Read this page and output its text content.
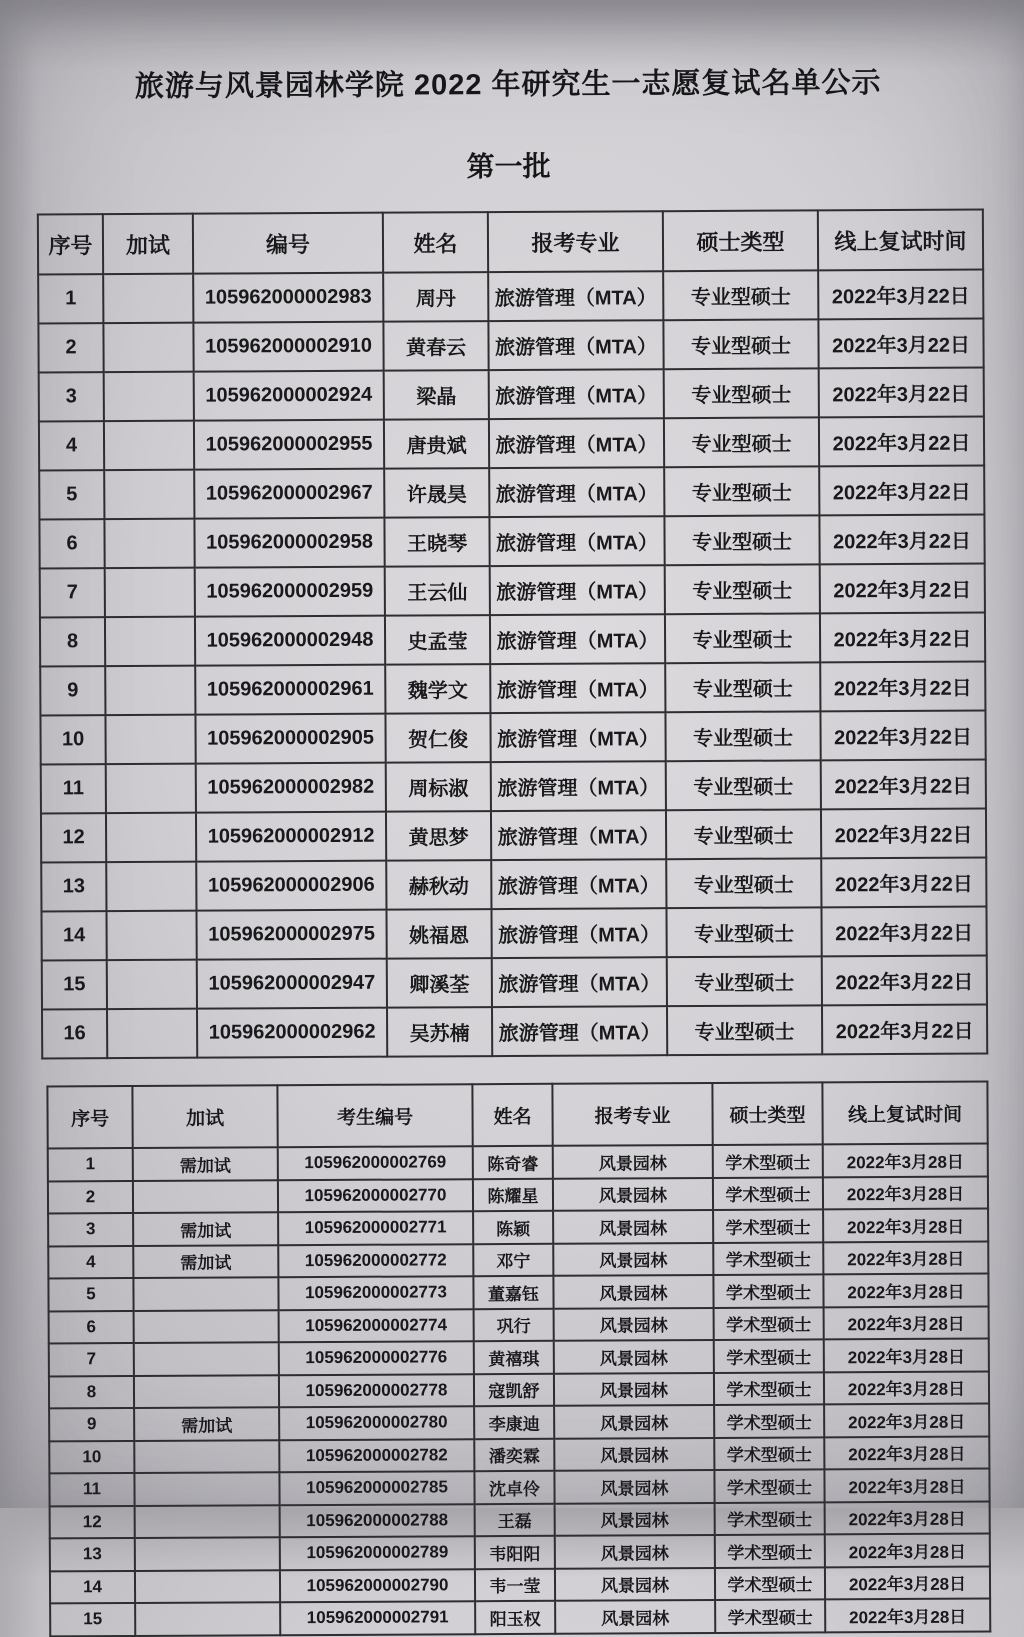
旅游与风景园林学院 2022 年研究生一志愿复试名单公示
第一批
序号	加试	编号	姓名	报考专业	硕士类型	线上复试时间
1		105962000002983	周丹	旅游管理（MTA）	专业型硕士	2022年3月22日
2		105962000002910	黄春云	旅游管理（MTA）	专业型硕士	2022年3月22日
3		105962000002924	梁晶	旅游管理（MTA）	专业型硕士	2022年3月22日
4		105962000002955	唐贵斌	旅游管理（MTA）	专业型硕士	2022年3月22日
5		105962000002967	许晟昊	旅游管理（MTA）	专业型硕士	2022年3月22日
6		105962000002958	王晓琴	旅游管理（MTA）	专业型硕士	2022年3月22日
7		105962000002959	王云仙	旅游管理（MTA）	专业型硕士	2022年3月22日
8		105962000002948	史孟莹	旅游管理（MTA）	专业型硕士	2022年3月22日
9		105962000002961	魏学文	旅游管理（MTA）	专业型硕士	2022年3月22日
10		105962000002905	贺仁俊	旅游管理（MTA）	专业型硕士	2022年3月22日
11		105962000002982	周标淑	旅游管理（MTA）	专业型硕士	2022年3月22日
12		105962000002912	黄思梦	旅游管理（MTA）	专业型硕士	2022年3月22日
13		105962000002906	赫秋动	旅游管理（MTA）	专业型硕士	2022年3月22日
14		105962000002975	姚福恩	旅游管理（MTA）	专业型硕士	2022年3月22日
15		105962000002947	卿溪荃	旅游管理（MTA）	专业型硕士	2022年3月22日
16		105962000002962	吴苏楠	旅游管理（MTA）	专业型硕士	2022年3月22日
序号	加试	考生编号	姓名	报考专业	硕士类型	线上复试时间
1	需加试	105962000002769	陈奇睿	风景园林	学术型硕士	2022年3月28日
2		105962000002770	陈耀星	风景园林	学术型硕士	2022年3月28日
3	需加试	105962000002771	陈颖	风景园林	学术型硕士	2022年3月28日
4	需加试	105962000002772	邓宁	风景园林	学术型硕士	2022年3月28日
5		105962000002773	董嘉钰	风景园林	学术型硕士	2022年3月28日
6		105962000002774	巩行	风景园林	学术型硕士	2022年3月28日
7		105962000002776	黄禧琪	风景园林	学术型硕士	2022年3月28日
8		105962000002778	寇凯舒	风景园林	学术型硕士	2022年3月28日
9	需加试	105962000002780	李康迪	风景园林	学术型硕士	2022年3月28日
10		105962000002782	潘奕霖	风景园林	学术型硕士	2022年3月28日
11		105962000002785	沈卓伶	风景园林	学术型硕士	2022年3月28日
12		105962000002788	王磊	风景园林	学术型硕士	2022年3月28日
13		105962000002789	韦阳阳	风景园林	学术型硕士	2022年3月28日
14		105962000002790	韦一莹	风景园林	学术型硕士	2022年3月28日
15		105962000002791	阳玉权	风景园林	学术型硕士	2022年3月28日
